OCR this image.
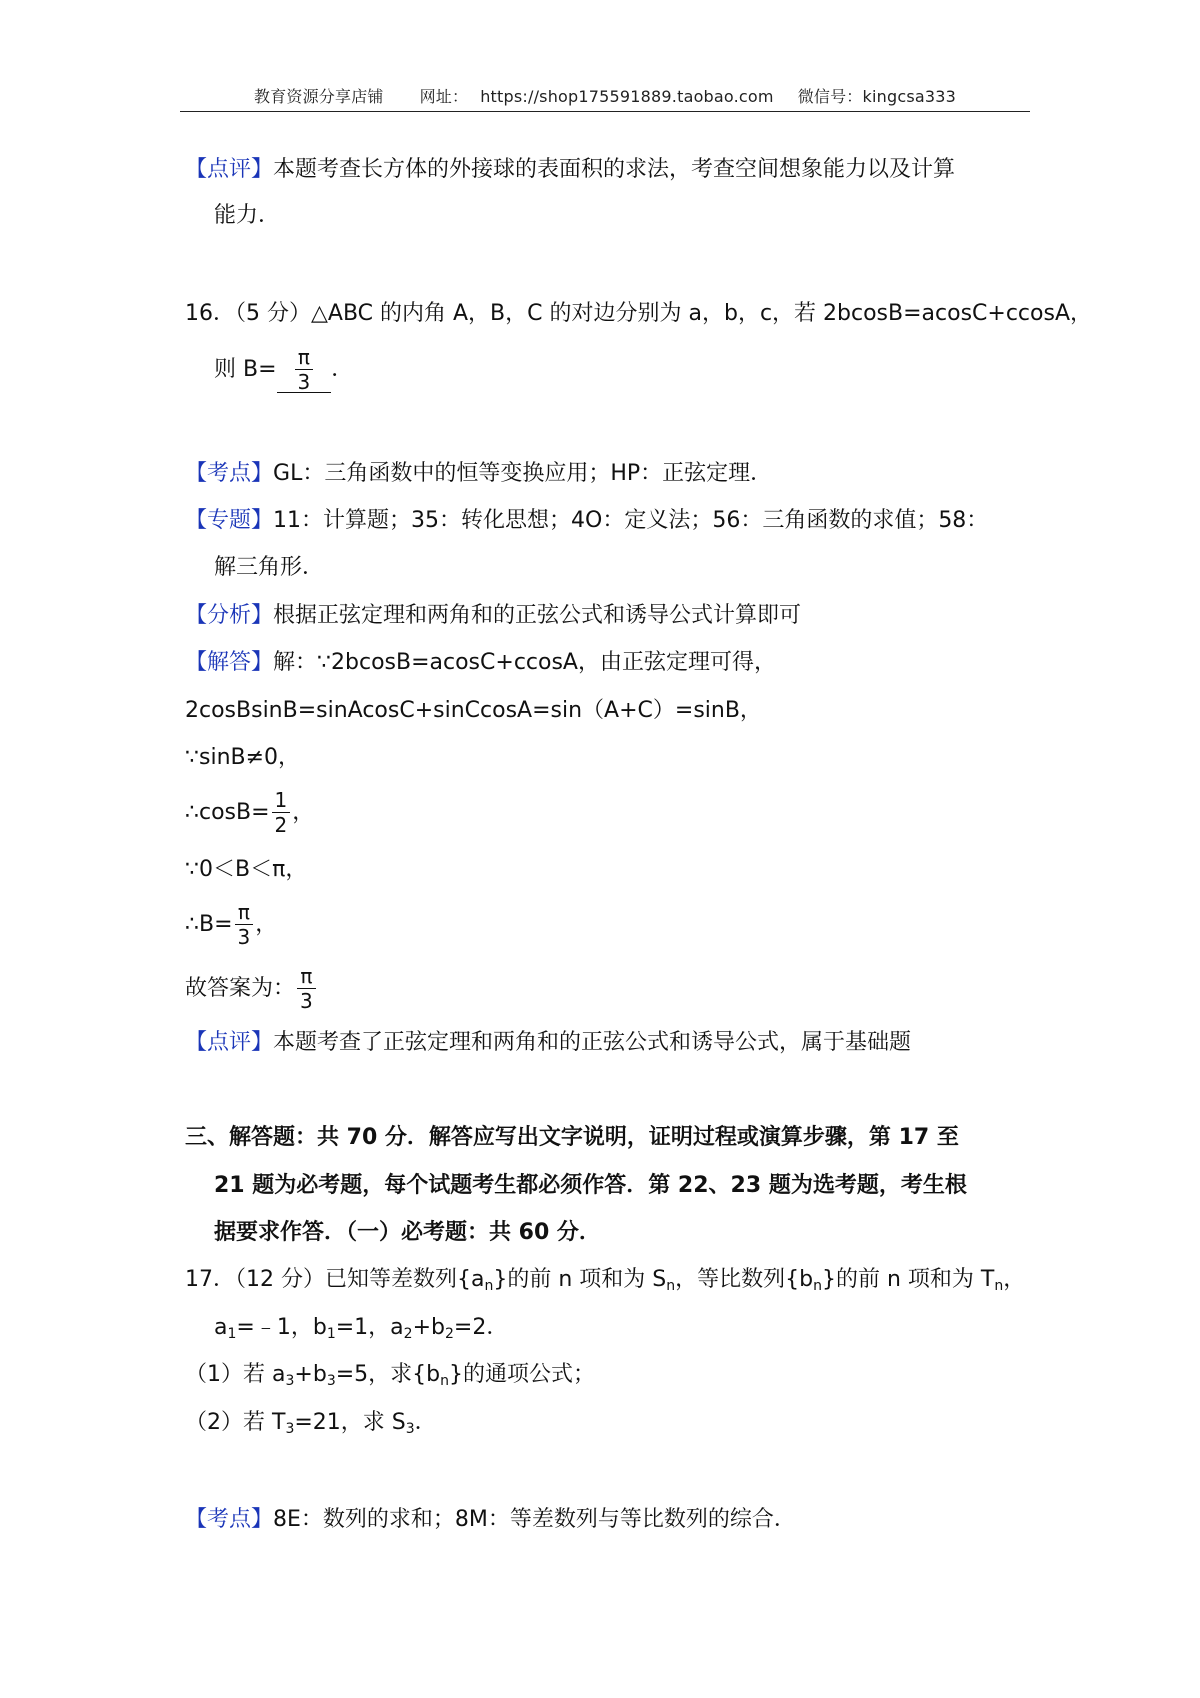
教育资源分享店铺 网址： https://shop175591889.taobao.com 微信号：kingcsa333
【点评】本题考查长方体的外接球的表面积的求法，考查空间想象能力以及计算
能力．
16．（5 分）△ABC 的内角 A，B，C 的对边分别为 a，b，c，若 2bcosB=acosC+ccosA，
则 $B= \frac{\pi}{3}$ ．
【考点】GL：三角函数中的恒等变换应用；HP：正弦定理．
【专题】11：计算题；35：转化思想；4O：定义法；56：三角函数的求值；58：
解三角形．
【分析】根据正弦定理和两角和的正弦公式和诱导公式计算即可
【解答】解：∵2bcosB=acosC+ccosA，由正弦定理可得，
2cosBsinB=sinAcosC+sinCcosA=sin（A+C）=sinB，
∵sinB≠0，
∴cosB= $\frac{1}{2}$ ，
∵0＜B＜π，
∴B= $\frac{\pi}{3}$ ，
故答案为： $\frac{\pi}{3}$
【点评】本题考查了正弦定理和两角和的正弦公式和诱导公式，属于基础题
三、解答题：共 70 分．解答应写出文字说明，证明过程或演算步骤，第 17 至
21 题为必考题，每个试题考生都必须作答．第 22、23 题为选考题，考生根
据要求作答．（一）必考题：共 60 分．
17．（12 分）已知等差数列$\{a_n\}$的前 n 项和为 $S_n$，等比数列$\{b_n\}$的前 n 项和为 $T_n$，
$a_1=﹣1$，$b_1=1$，$a_2+b_2=2$．
（1）若 $a_3+b_3=5$，求$\{b_n\}$的通项公式；
（2）若 $T_3=21$，求 $S_3$．
【考点】8E：数列的求和；8M：等差数列与等比数列的综合．
